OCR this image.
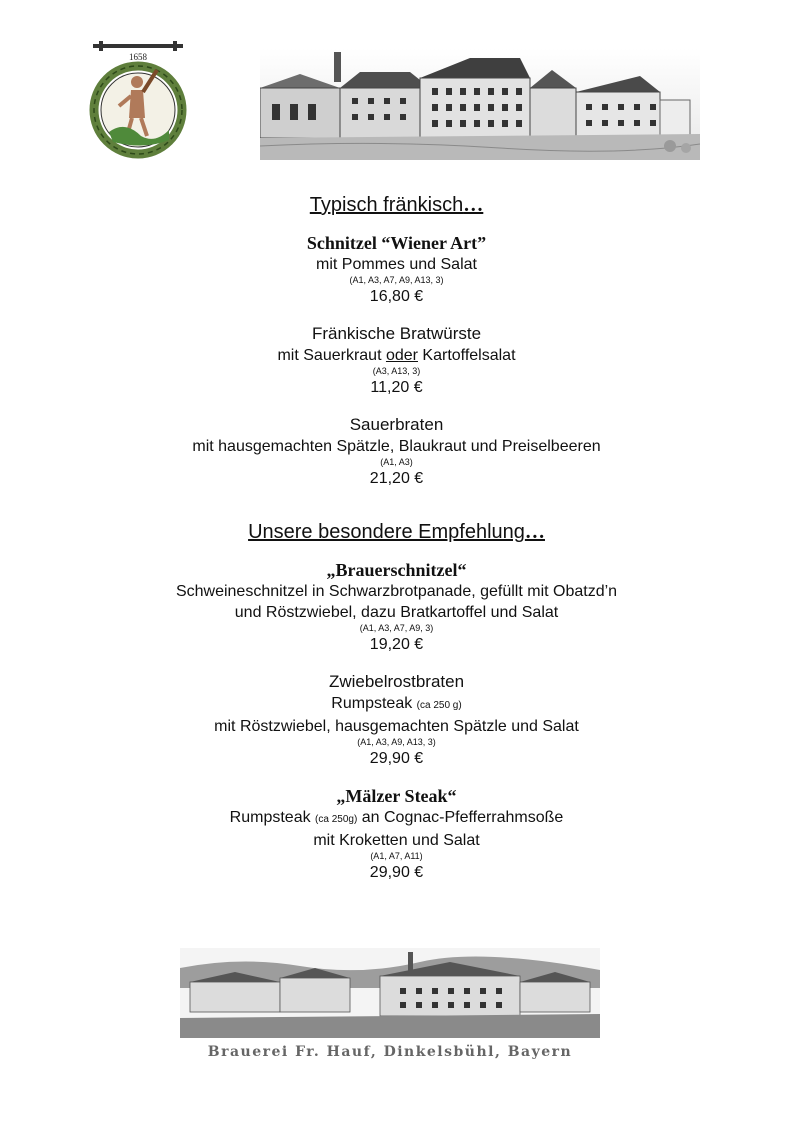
1658
Typisch fränkisch…
Schnitzel “Wiener Art”
mit Pommes und Salat
(A1, A3, A7, A9, A13, 3)
16,80 €
Fränkische Bratwürste
mit Sauerkraut oder Kartoffelsalat
(A3, A13, 3)
11,20 €
Sauerbraten
mit hausgemachten Spätzle, Blaukraut und Preiselbeeren
(A1, A3)
21,20 €
Unsere besondere Empfehlung…
„Brauerschnitzel“
Schweineschnitzel in Schwarzbrotpanade, gefüllt mit Obatzd’n
und Röstzwiebel, dazu Bratkartoffel und Salat
(A1, A3, A7, A9, 3)
19,20 €
Zwiebelrostbraten
Rumpsteak (ca 250 g)
mit Röstzwiebel, hausgemachten Spätzle und Salat
(A1, A3, A9, A13, 3)
29,90 €
„Mälzer Steak“
Rumpsteak (ca 250g) an Cognac-Pfefferrahmsoße
mit Kroketten und Salat
(A1, A7, A11)
29,90 €
Brauerei Fr. Hauf, Dinkelsbühl, Bayern
